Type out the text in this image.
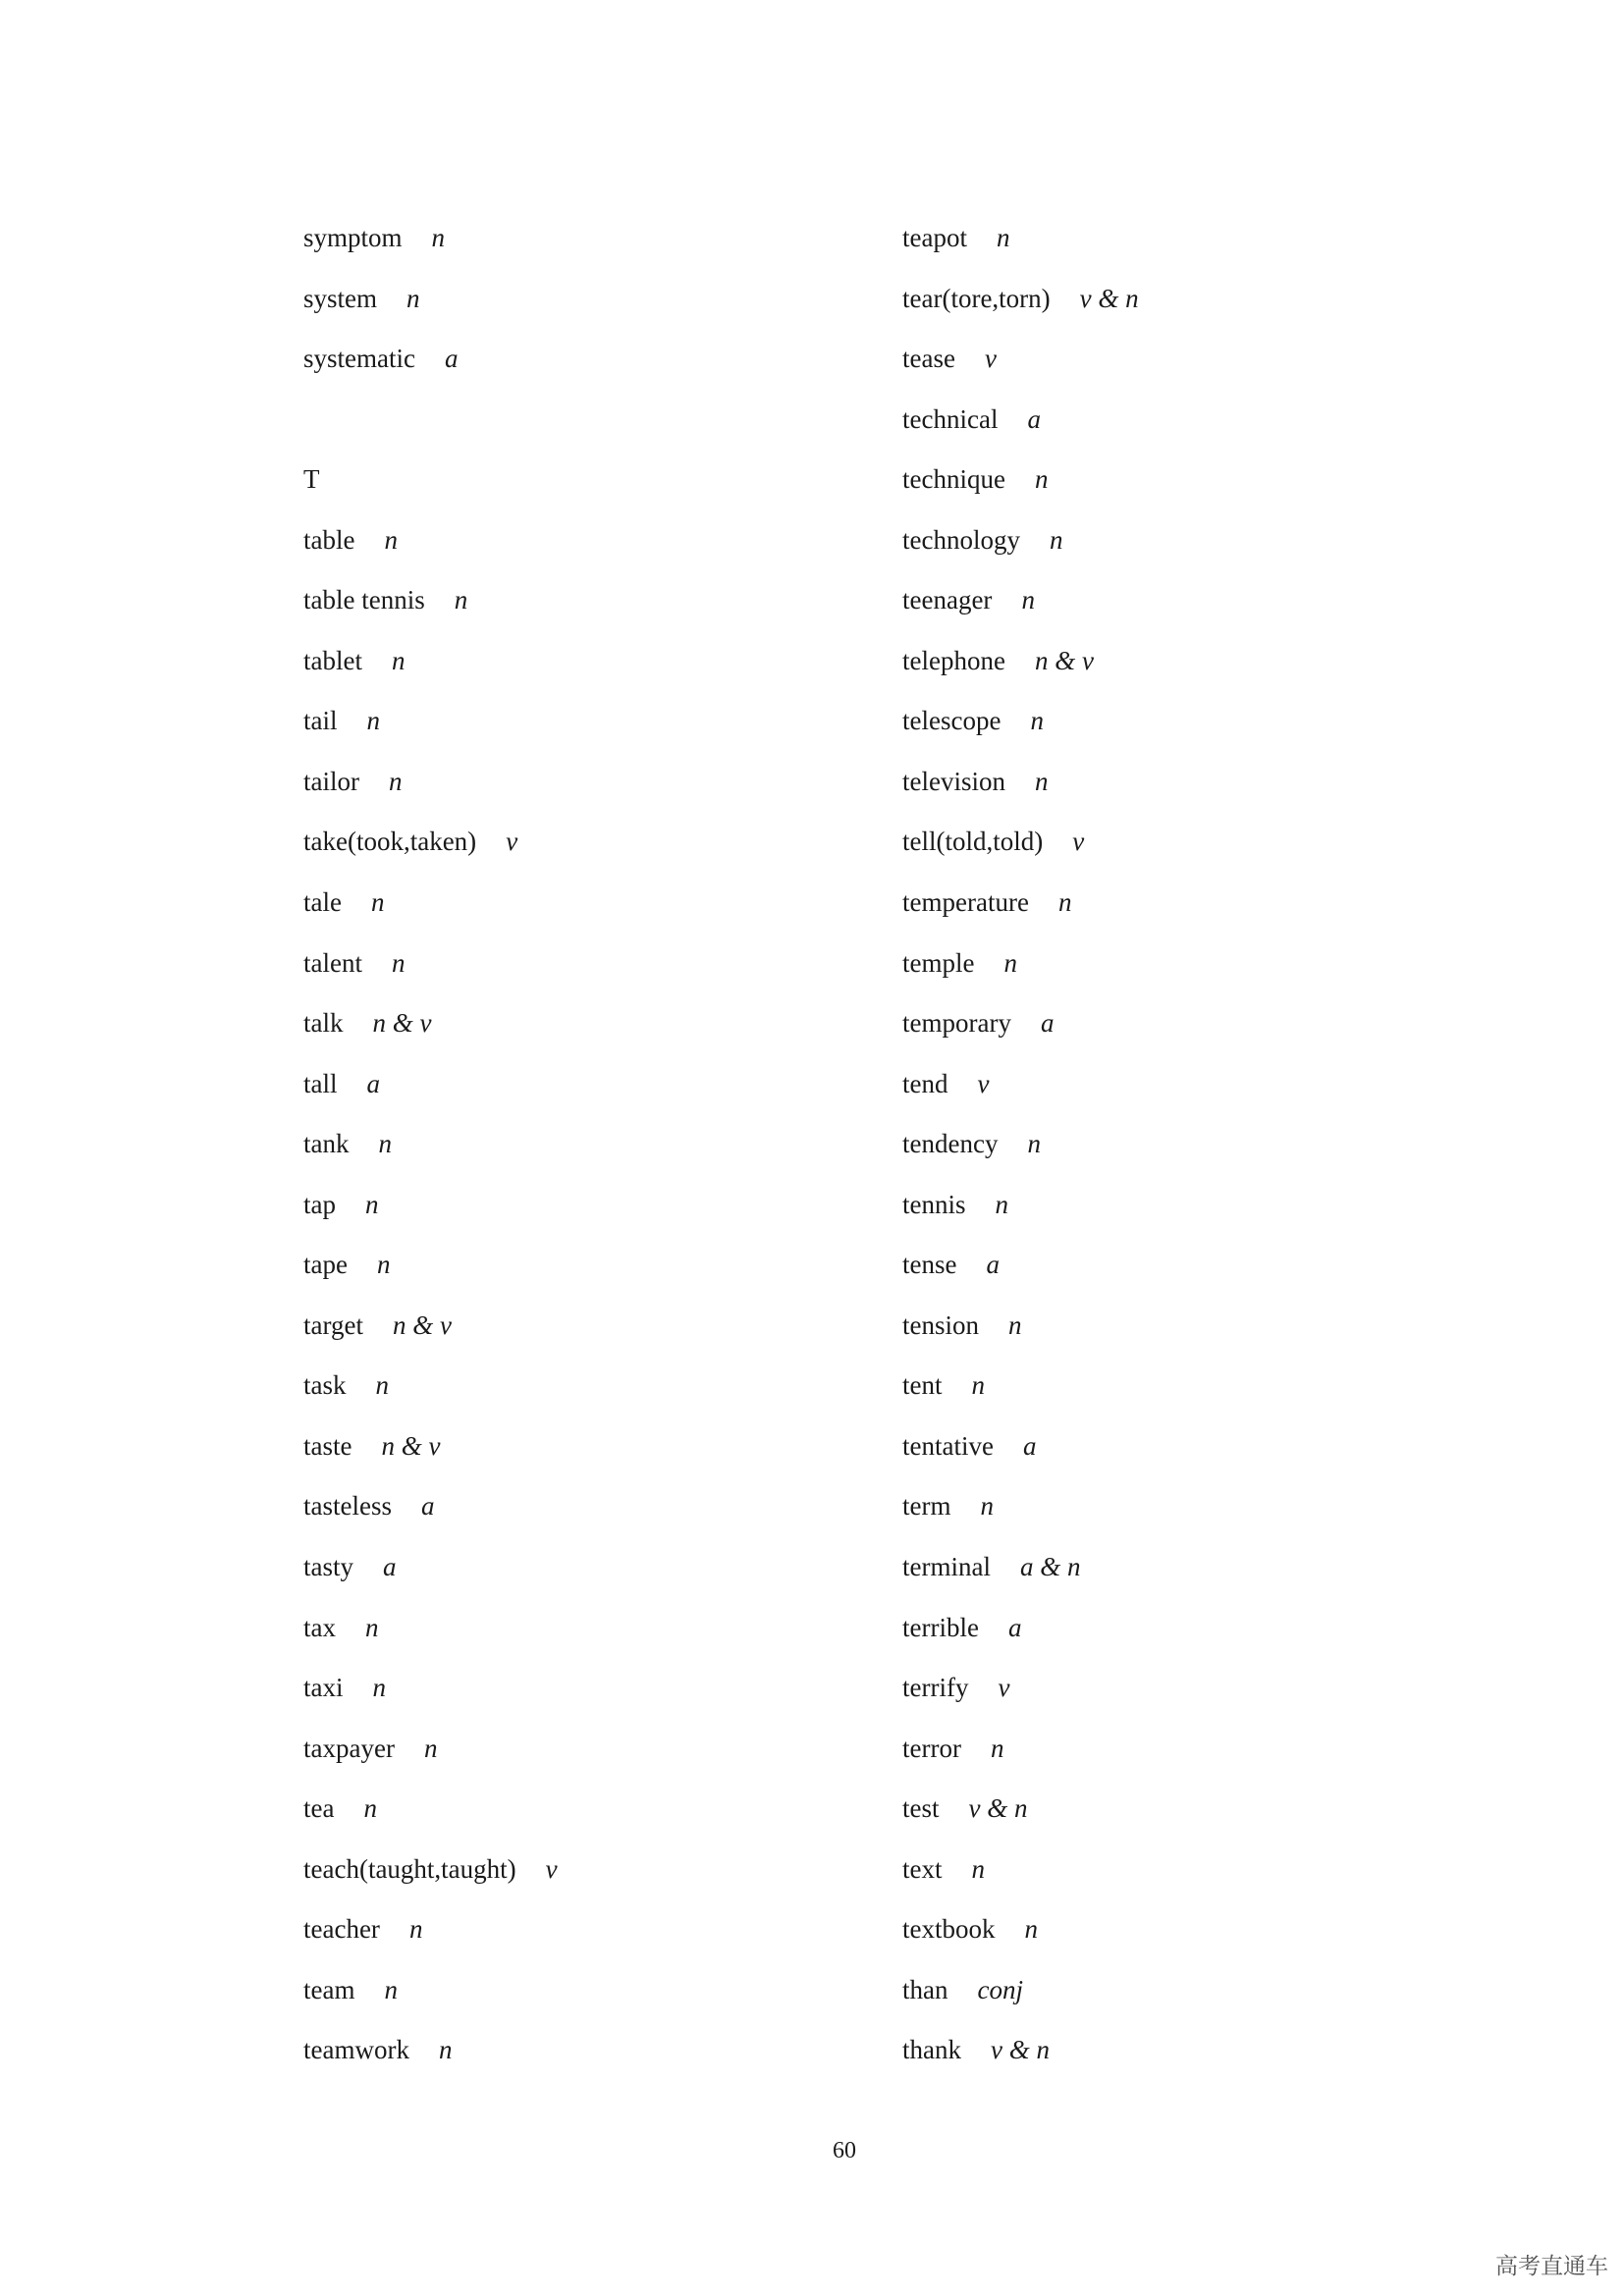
symptom n
system n
systematic a
T
table n
table tennis n
tablet n
tail n
tailor n
take(took,taken) v
tale n
talent n
talk n & v
tall a
tank n
tap n
tape n
target n & v
task n
taste n & v
tasteless a
tasty a
tax n
taxi n
taxpayer n
tea n
teach(taught,taught) v
teacher n
team n
teamwork n
teapot n
tear(tore,torn) v & n
tease v
technical a
technique n
technology n
teenager n
telephone n & v
telescope n
television n
tell(told,told) v
temperature n
temple n
temporary a
tend v
tendency n
tennis n
tense a
tension n
tent n
tentative a
term n
terminal a & n
terrible a
terrify v
terror n
test v & n
text n
textbook n
than conj
thank v & n
60
高考直通车
